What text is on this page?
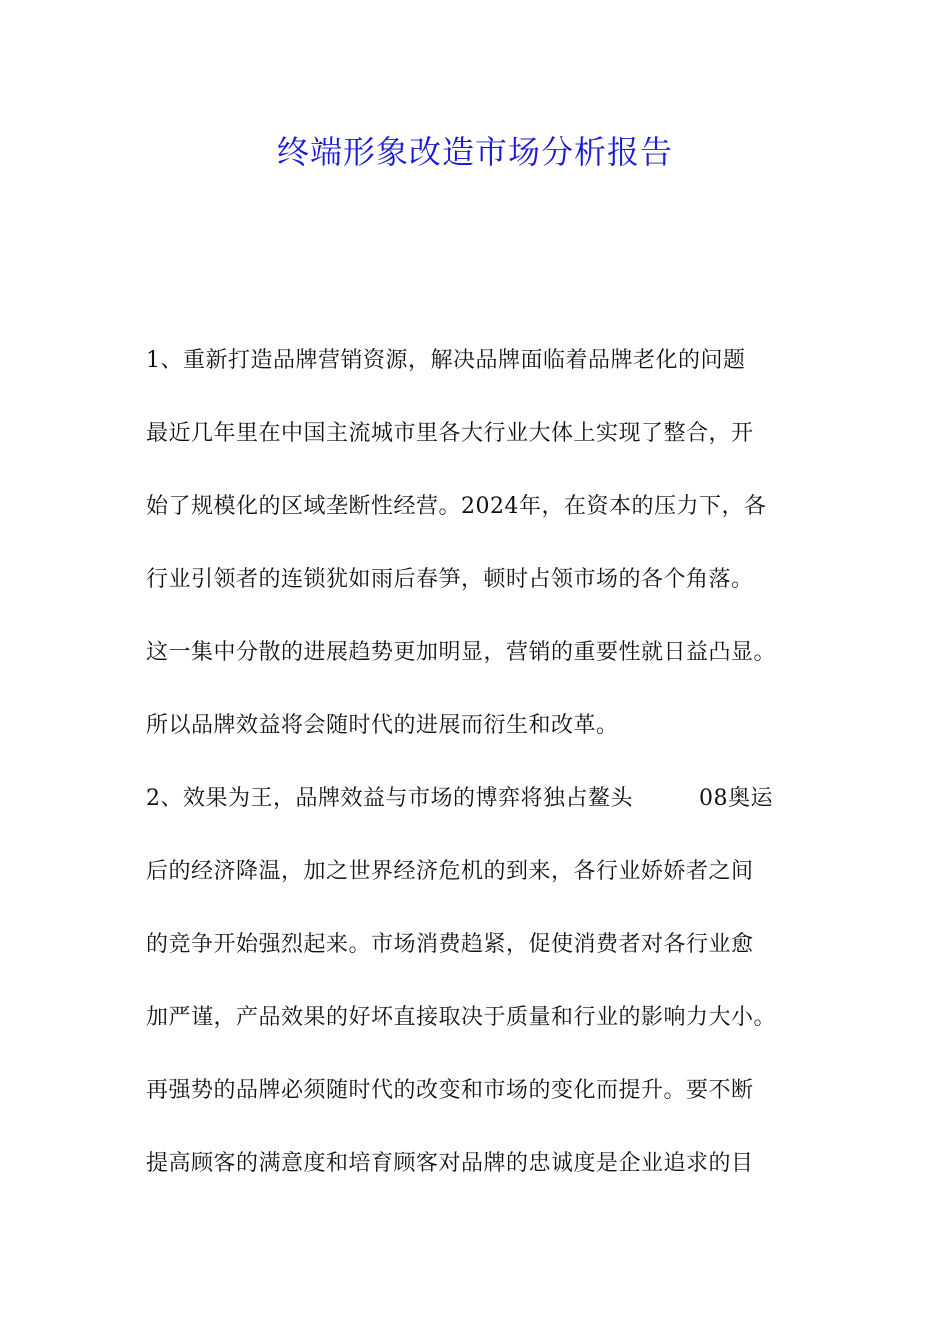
终端形象改造市场分析报告
1、重新打造品牌营销资源，解决品牌面临着品牌老化的问题
最近几年里在中国主流城市里各大行业大体上实现了整合，开
始了规模化的区域垄断性经营。2024年，在资本的压力下，各
行业引领者的连锁犹如雨后春笋，顿时占领市场的各个角落。
这一集中分散的进展趋势更加明显，营销的重要性就日益凸显。
所以品牌效益将会随时代的进展而衍生和改革。
2、效果为王，品牌效益与市场的博弈将独占鳌头	08奥运
后的经济降温，加之世界经济危机的到来，各行业娇娇者之间
的竞争开始强烈起来。市场消费趋紧，促使消费者对各行业愈
加严谨，产品效果的好坏直接取决于质量和行业的影响力大小。
再强势的品牌必须随时代的改变和市场的变化而提升。要不断
提高顾客的满意度和培育顾客对品牌的忠诚度是企业追求的目
